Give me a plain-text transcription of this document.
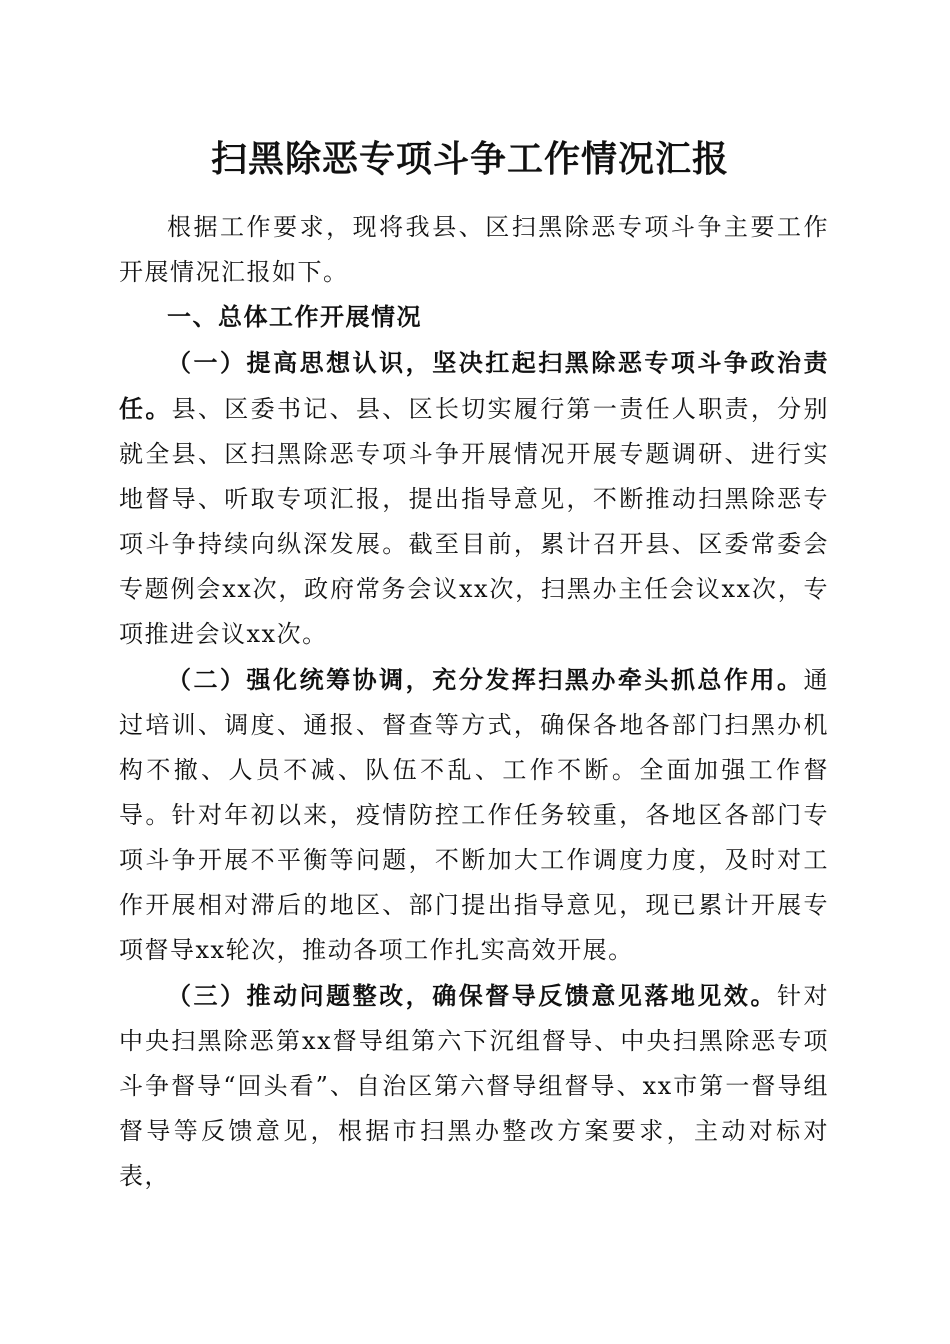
扫黑除恶专项斗争工作情况汇报

根据工作要求，现将我县、区扫黑除恶专项斗争主要工作开展情况汇报如下。

一、总体工作开展情况

（一）提高思想认识，坚决扛起扫黑除恶专项斗争政治责任。县、区委书记、县、区长切实履行第一责任人职责，分别就全县、区扫黑除恶专项斗争开展情况开展专题调研、进行实地督导、听取专项汇报，提出指导意见，不断推动扫黑除恶专项斗争持续向纵深发展。截至目前，累计召开县、区委常委会专题例会xx次，政府常务会议xx次，扫黑办主任会议xx次，专项推进会议xx次。

（二）强化统筹协调，充分发挥扫黑办牵头抓总作用。通过培训、调度、通报、督查等方式，确保各地各部门扫黑办机构不撤、人员不减、队伍不乱、工作不断。全面加强工作督导。针对年初以来，疫情防控工作任务较重，各地区各部门专项斗争开展不平衡等问题，不断加大工作调度力度，及时对工作开展相对滞后的地区、部门提出指导意见，现已累计开展专项督导xx轮次，推动各项工作扎实高效开展。

（三）推动问题整改，确保督导反馈意见落地见效。针对中央扫黑除恶第xx督导组第六下沉组督导、中央扫黑除恶专项斗争督导“回头看”、自治区第六督导组督导、xx市第一督导组督导等反馈意见，根据市扫黑办整改方案要求，主动对标对表，
